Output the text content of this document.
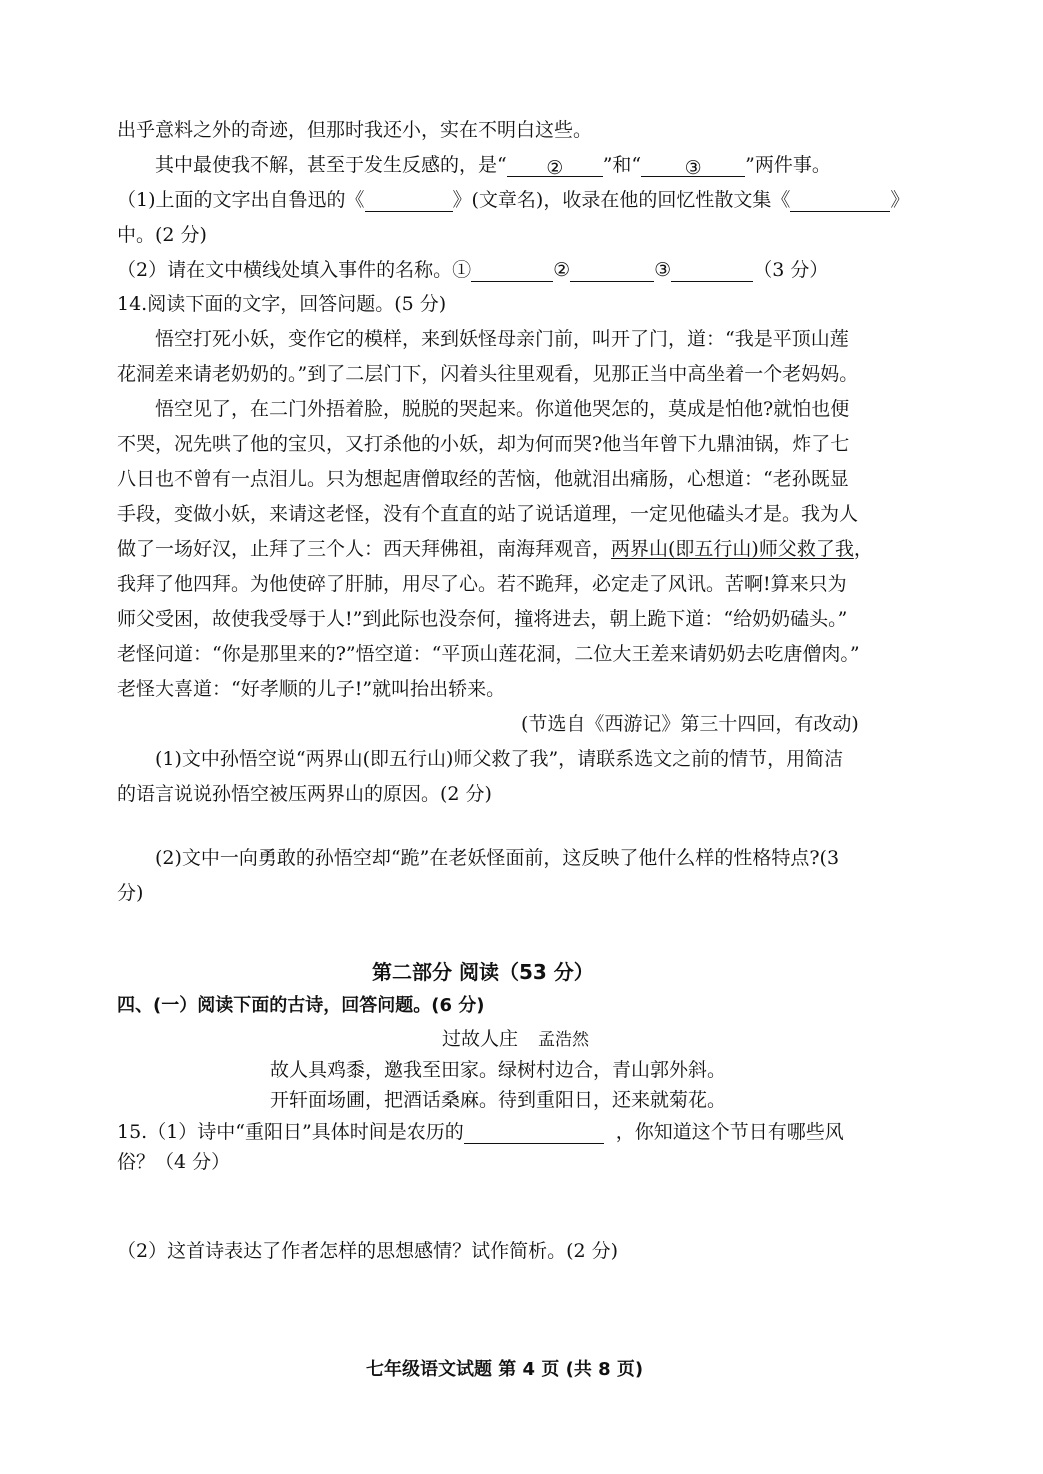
出乎意料之外的奇迹，但那时我还小，实在不明白这些。
其中最使我不解，甚至于发生反感的，是“ ② ”和“ ③ ”两件事。
（1)上面的文字出自鲁迅的《	》(文章名)，收录在他的回忆性散文集《	》
中。(2 分)
（2）请在文中横线处填入事件的名称。①	②	③	（3 分）
14.阅读下面的文字，回答问题。(5 分)
悟空打死小妖，变作它的模样，来到妖怪母亲门前，叫开了门，道：“我是平顶山莲
花洞差来请老奶奶的。”到了二层门下，闪着头往里观看，见那正当中高坐着一个老妈妈。
悟空见了，在二门外捂着脸，脱脱的哭起来。你道他哭怎的，莫成是怕他?就怕也便
不哭，况先哄了他的宝贝，又打杀他的小妖，却为何而哭?他当年曾下九鼎油锅，炸了七
八日也不曾有一点泪儿。只为想起唐僧取经的苦恼，他就泪出痛肠，心想道：“老孙既显
手段，变做小妖，来请这老怪，没有个直直的站了说话道理，一定见他磕头才是。我为人
做了一场好汉，止拜了三个人：西天拜佛祖，南海拜观音，两界山(即五行山)师父救了我，
我拜了他四拜。为他使碎了肝肺，用尽了心。若不跪拜，必定走了风讯。苦啊!算来只为
师父受困，故使我受辱于人!”到此际也没奈何，撞将进去，朝上跪下道：“给奶奶磕头。”
老怪问道：“你是那里来的?”悟空道：“平顶山莲花洞，二位大王差来请奶奶去吃唐僧肉。”
老怪大喜道：“好孝顺的儿子!”就叫抬出轿来。
(节选自《西游记》第三十四回，有改动)
(1)文中孙悟空说“两界山(即五行山)师父救了我”，请联系选文之前的情节，用简洁
的语言说说孙悟空被压两界山的原因。(2 分)
(2)文中一向勇敢的孙悟空却“跪”在老妖怪面前，这反映了他什么样的性格特点?(3
分)
第二部分 阅读（53 分）
四、(一）阅读下面的古诗，回答问题。(6 分)
过故人庄 孟浩然
故人具鸡黍，邀我至田家。绿树村边合，青山郭外斜。
开轩面场圃，把酒话桑麻。待到重阳日，还来就菊花。
15.（1）诗中“重阳日”具体时间是农历的	，你知道这个节日有哪些风
俗？（4 分）
（2）这首诗表达了作者怎样的思想感情？试作简析。(2 分)
七年级语文试题 第 4 页 (共 8 页)
